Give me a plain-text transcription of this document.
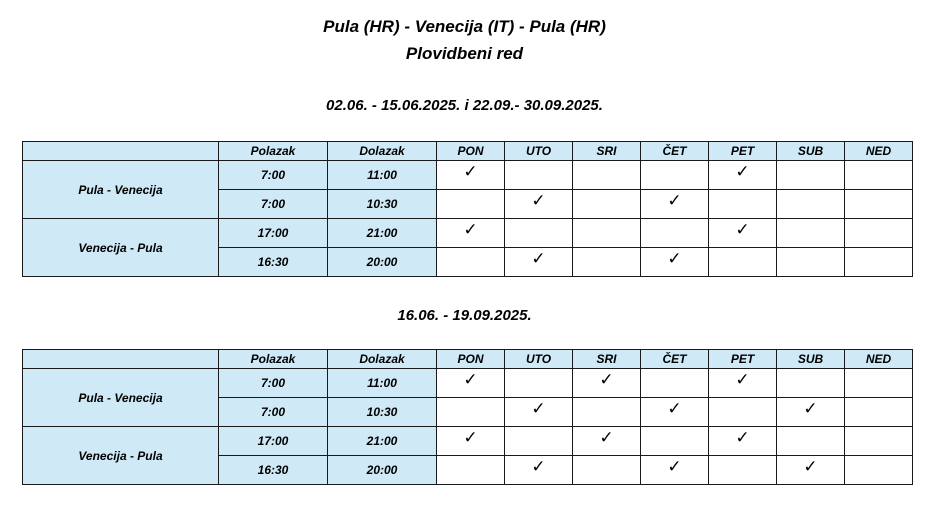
Pula (HR) - Venecija (IT) - Pula (HR)
Plovidbeni red
02.06. - 15.06.2025. i 22.09.- 30.09.2025.
	Polazak	Dolazak	PON	UTO	SRI	ČET	PET	SUB	NED
Pula - Venecija	7:00	11:00	✓				✓		
	7:00	10:30		✓		✓			
Venecija - Pula	17:00	21:00	✓				✓		
	16:30	20:00		✓		✓			
16.06. - 19.09.2025.
	Polazak	Dolazak	PON	UTO	SRI	ČET	PET	SUB	NED
Pula - Venecija	7:00	11:00	✓		✓		✓		
	7:00	10:30		✓		✓		✓	
Venecija - Pula	17:00	21:00	✓		✓		✓		
	16:30	20:00		✓		✓		✓	
